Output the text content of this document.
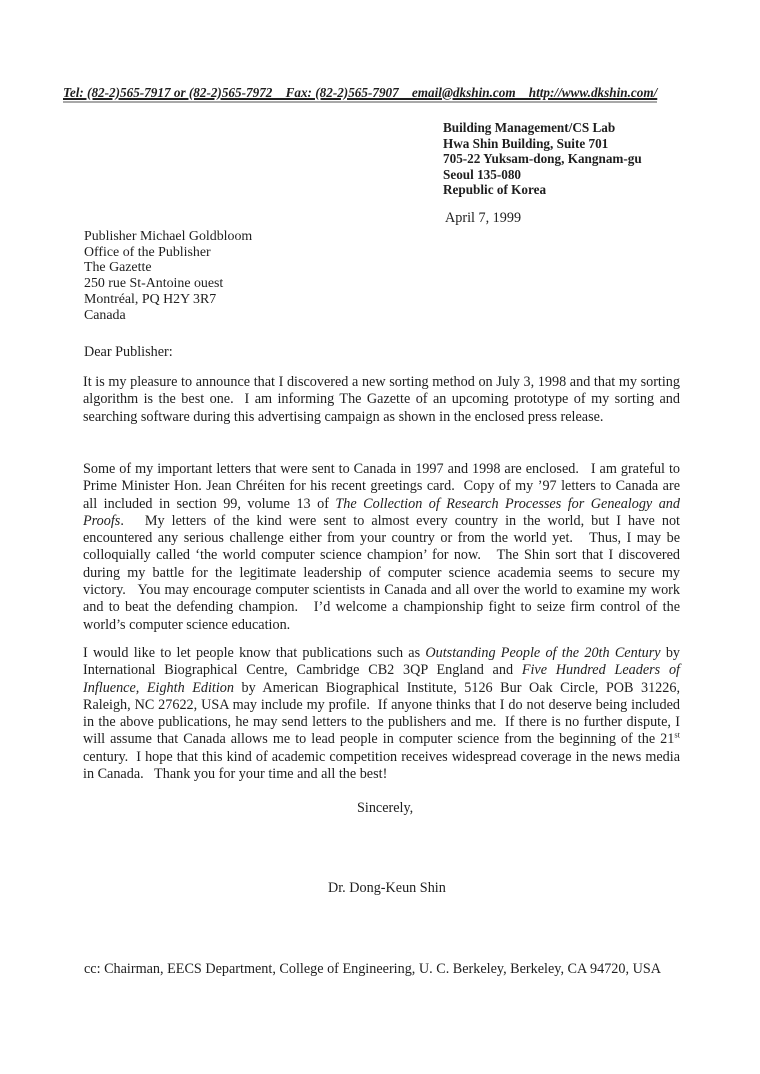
Tel: (82-2)565-7917 or (82-2)565-7972    Fax: (82-2)565-7907    email@dkshin.com    http://www.dkshin.com/
Building Management/CS Lab
Hwa Shin Building, Suite 701
705-22 Yuksam-dong, Kangnam-gu
Seoul 135-080
Republic of Korea
April 7, 1999
Publisher Michael Goldbloom
Office of the Publisher
The Gazette
250 rue St-Antoine ouest
Montréal, PQ H2Y 3R7
Canada
Dear Publisher:
It is my pleasure to announce that I discovered a new sorting method on July 3, 1998 and that my sorting algorithm is the best one.  I am informing The Gazette of an upcoming prototype of my sorting and searching software during this advertising campaign as shown in the enclosed press release.
Some of my important letters that were sent to Canada in 1997 and 1998 are enclosed.   I am grateful to Prime Minister Hon. Jean Chréiten for his recent greetings card.  Copy of my ’97 letters to Canada are all included in section 99, volume 13 of The Collection of Research Processes for Genealogy and Proofs.   My letters of the kind were sent to almost every country in the world, but I have not encountered any serious challenge either from your country or from the world yet.   Thus, I may be colloquially called ‘the world computer science champion’ for now.   The Shin sort that I discovered during my battle for the legitimate leadership of computer science academia seems to secure my victory.   You may encourage computer scientists in Canada and all over the world to examine my work and to beat the defending champion.   I’d welcome a championship fight to seize firm control of the world’s computer science education.
I would like to let people know that publications such as Outstanding People of the 20th Century by International Biographical Centre, Cambridge CB2 3QP England and Five Hundred Leaders of Influence, Eighth Edition by American Biographical Institute, 5126 Bur Oak Circle, POB 31226, Raleigh, NC 27622, USA may include my profile.  If anyone thinks that I do not deserve being included in the above publications, he may send letters to the publishers and me.  If there is no further dispute, I will assume that Canada allows me to lead people in computer science from the beginning of the 21st century.  I hope that this kind of academic competition receives widespread coverage in the news media in Canada.   Thank you for your time and all the best!
Sincerely,
Dr. Dong-Keun Shin
cc: Chairman, EECS Department, College of Engineering, U. C. Berkeley, Berkeley, CA 94720, USA
